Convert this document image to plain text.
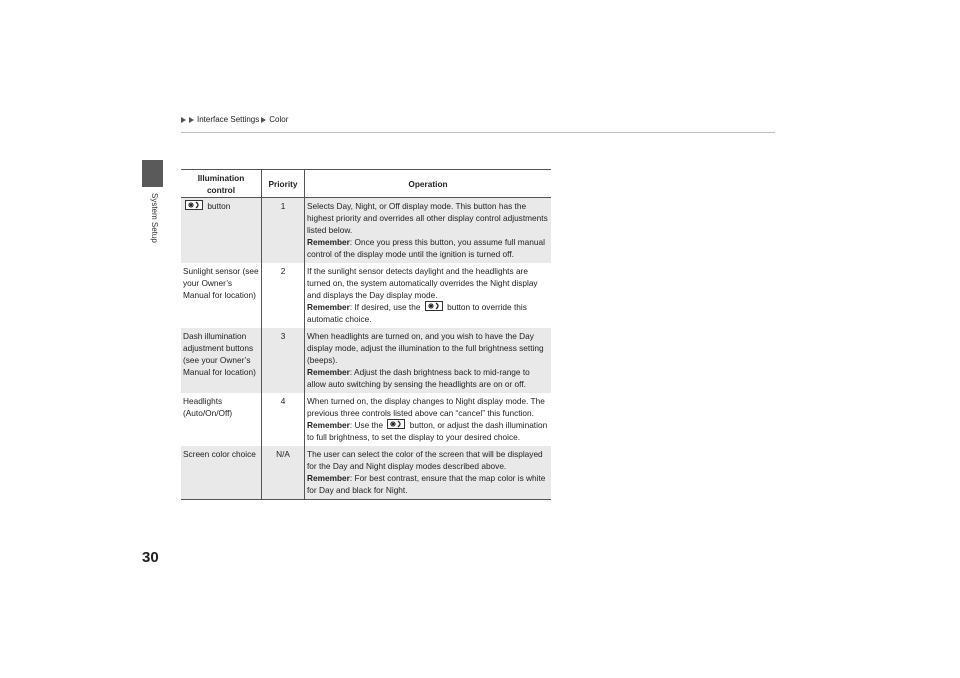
Interface Settings Color
System Setup
Illumination control	Priority	Operation

button	1	Selects Day, Night, or Off display mode. This button has the highest priority and overrides all other display control adjustments listed below.
Remember: Once you press this button, you assume full manual control of the display mode until the ignition is turned off.
Sunlight sensor (see your Owner’s Manual for location)	2	If the sunlight sensor detects daylight and the headlights are turned on, the system automatically overrides the Night display and displays the Day display mode.
Remember: If desired, use the button to override this automatic choice.
Dash illumination adjustment buttons (see your Owner’s Manual for location)	3	When headlights are turned on, and you wish to have the Day display mode, adjust the illumination to the full brightness setting (beeps).
Remember: Adjust the dash brightness back to mid-range to allow auto switching by sensing the headlights are on or off.
Headlights (Auto/On/Off)	4	When turned on, the display changes to Night display mode. The previous three controls listed above can “cancel” this function.
Remember: Use the button, or adjust the dash illumination to full brightness, to set the display to your desired choice.
Screen color choice	N/A	The user can select the color of the screen that will be displayed for the Day and Night display modes described above.
Remember: For best contrast, ensure that the map color is white for Day and black for Night.
30
